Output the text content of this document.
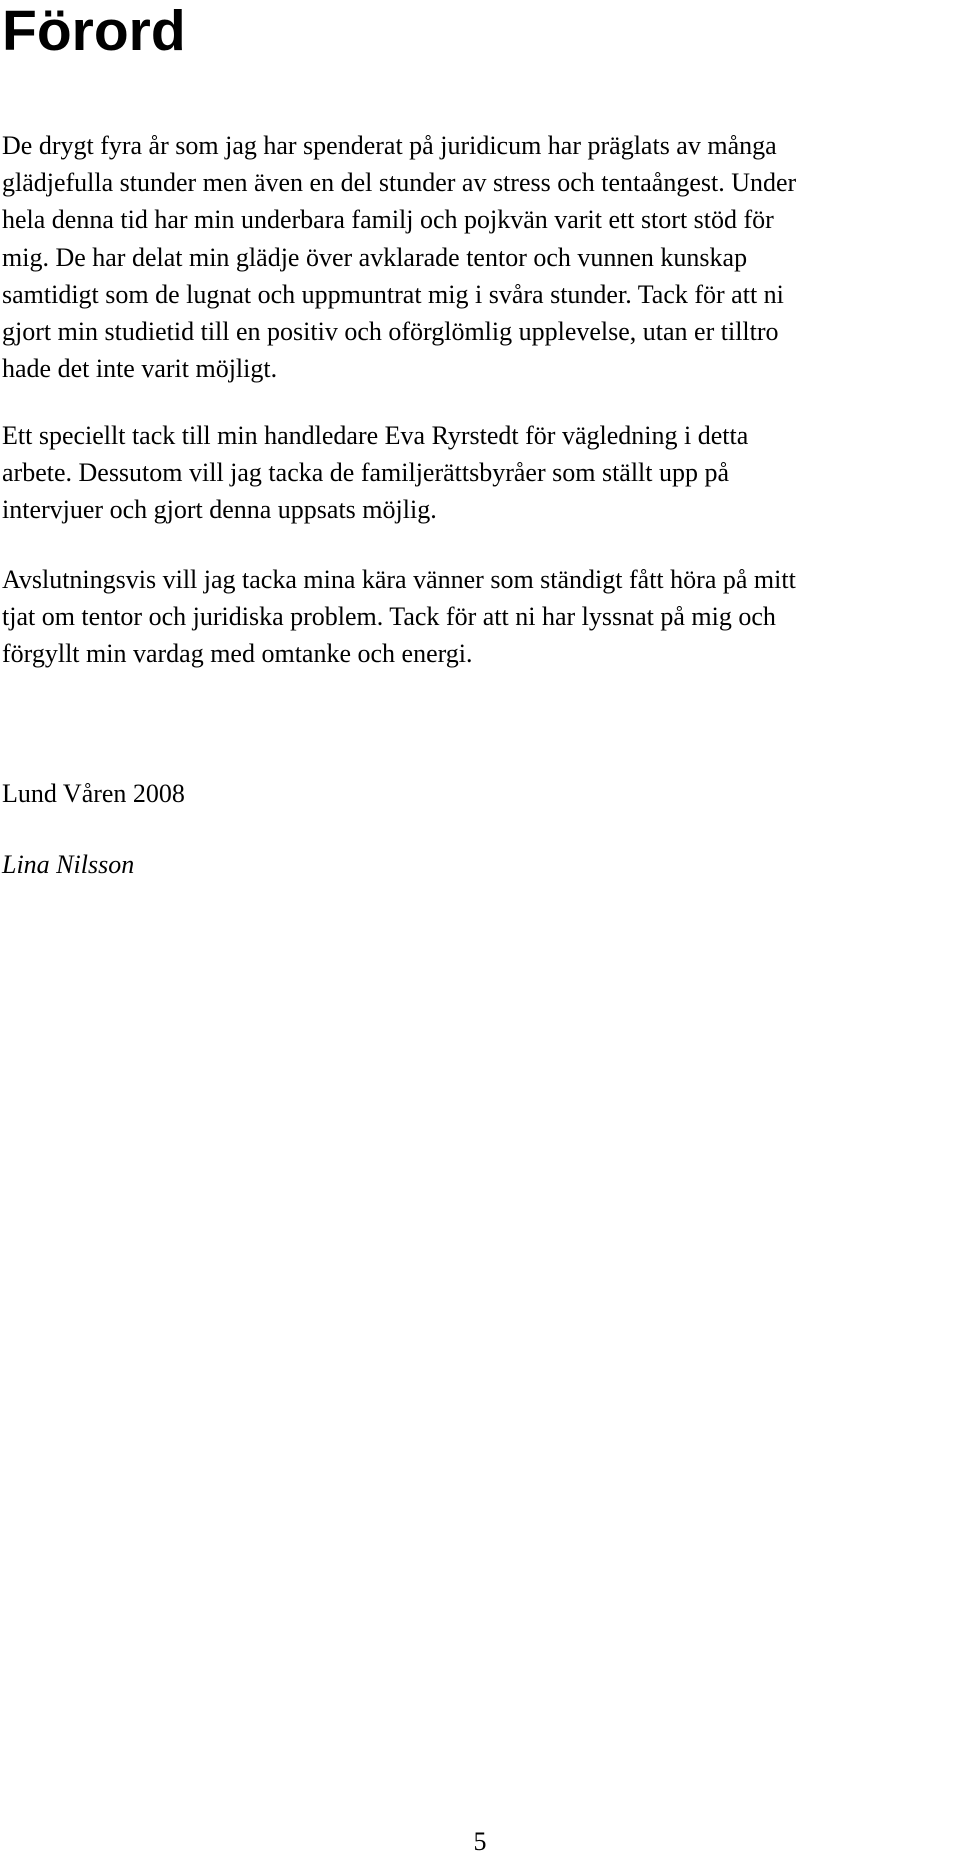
Förord

De drygt fyra år som jag har spenderat på juridicum har präglats av många
glädjefulla stunder men även en del stunder av stress och tentaångest. Under
hela denna tid har min underbara familj och pojkvän varit ett stort stöd för
mig. De har delat min glädje över avklarade tentor och vunnen kunskap
samtidigt som de lugnat och uppmuntrat mig i svåra stunder. Tack för att ni
gjort min studietid till en positiv och oförglömlig upplevelse, utan er tilltro
hade det inte varit möjligt.

Ett speciellt tack till min handledare Eva Ryrstedt för vägledning i detta
arbete. Dessutom vill jag tacka de familjerättsbyråer som ställt upp på
intervjuer och gjort denna uppsats möjlig.

Avslutningsvis vill jag tacka mina kära vänner som ständigt fått höra på mitt
tjat om tentor och juridiska problem. Tack för att ni har lyssnat på mig och
förgyllt min vardag med omtanke och energi.

Lund Våren 2008

Lina Nilsson

5
